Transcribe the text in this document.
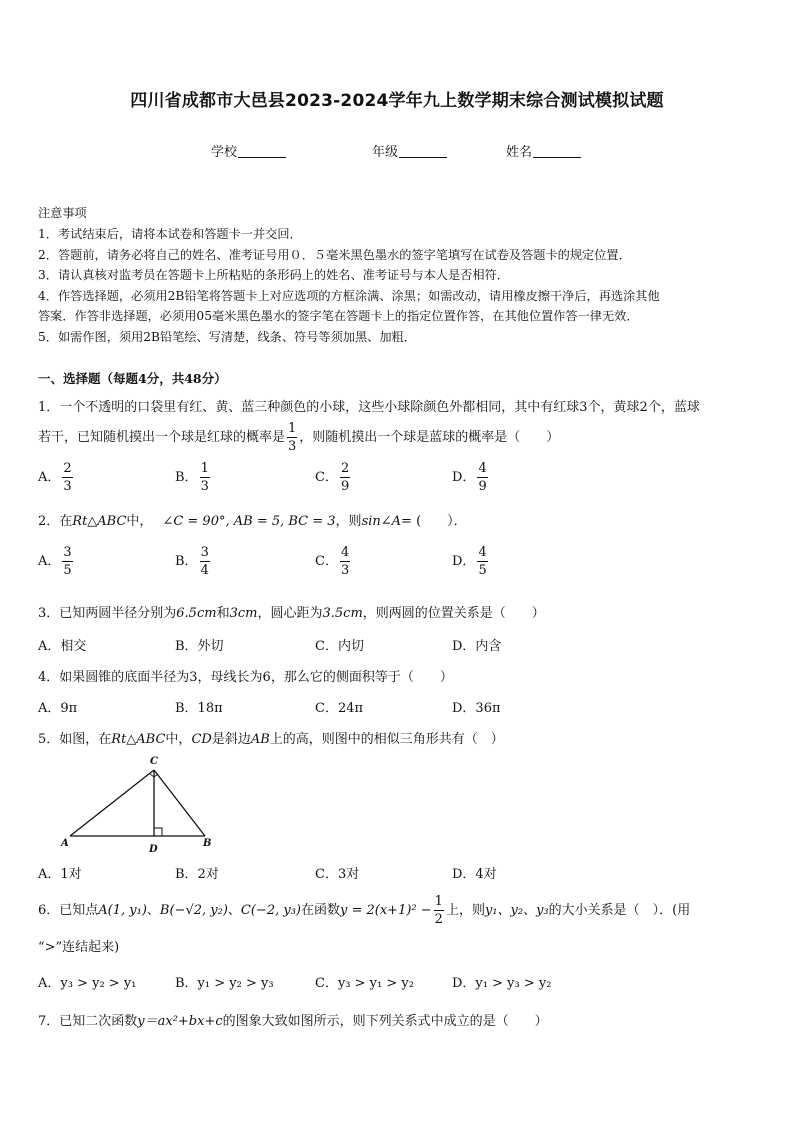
四川省成都市大邑县2023-2024学年九上数学期末综合测试模拟试题
学校	年级	姓名
注意事项
1．考试结束后，请将本试卷和答题卡一并交回．
2．答题前，请务必将自己的姓名、准考证号用０．５毫米黑色墨水的签字笔填写在试卷及答题卡的规定位置．
3．请认真核对监考员在答题卡上所粘贴的条形码上的姓名、准考证号与本人是否相符．
4．作答选择题，必须用2B铅笔将答题卡上对应选项的方框涂满、涂黑；如需改动，请用橡皮擦干净后，再选涂其他
答案．作答非选择题，必须用05毫米黑色墨水的签字笔在答题卡上的指定位置作答，在其他位置作答一律无效．
5．如需作图，须用2B铅笔绘、写清楚，线条、符号等须加黑、加粗．
一、选择题（每题4分，共48分）
1．一个不透明的口袋里有红、黄、蓝三种颜色的小球，这些小球除颜色外都相同，其中有红球3个，黄球2个，蓝球
若干，已知随机摸出一个球是红球的概率是 $\frac{1}{3}$ ，则随机摸出一个球是蓝球的概率是（　　）
A． $\frac{2}{3}$	B． $\frac{1}{3}$	C． $\frac{2}{9}$	D． $\frac{4}{9}$
2．在Rt△ABC中， ∠C = 90°, AB = 5, BC = 3，则sin∠A= (　　）．
A． $\frac{3}{5}$	B． $\frac{3}{4}$	C． $\frac{4}{3}$	D． $\frac{4}{5}$
3．已知两圆半径分别为6.5cm和3cm，圆心距为3.5cm，则两圆的位置关系是（　　）
A．相交	B．外切	C．内切	D．内含
4．如果圆锥的底面半径为3，母线长为6，那么它的侧面积等于（　　）
A．9π	B．18π	C．24π	D．36π
5．如图，在Rt△ABC中，CD是斜边AB上的高，则图中的相似三角形共有（　）
C
A
D
B
A．1对	B．2对	C．3对	D．4对
6．已知点A(1, y₁)、B(−√2, y₂)、C(−2, y₃)在函数$y = 2(x+1)^2 - \frac{1}{2}$ 上，则y₁、y₂、y₃的大小关系是（　）．(用
“>”连结起来)
A．y₃ > y₂ > y₁	B．y₁ > y₂ > y₃	C．y₃ > y₁ > y₂	D．y₁ > y₃ > y₂
7．已知二次函数y＝ax²+bx+c的图象大致如图所示，则下列关系式中成立的是（　　）
